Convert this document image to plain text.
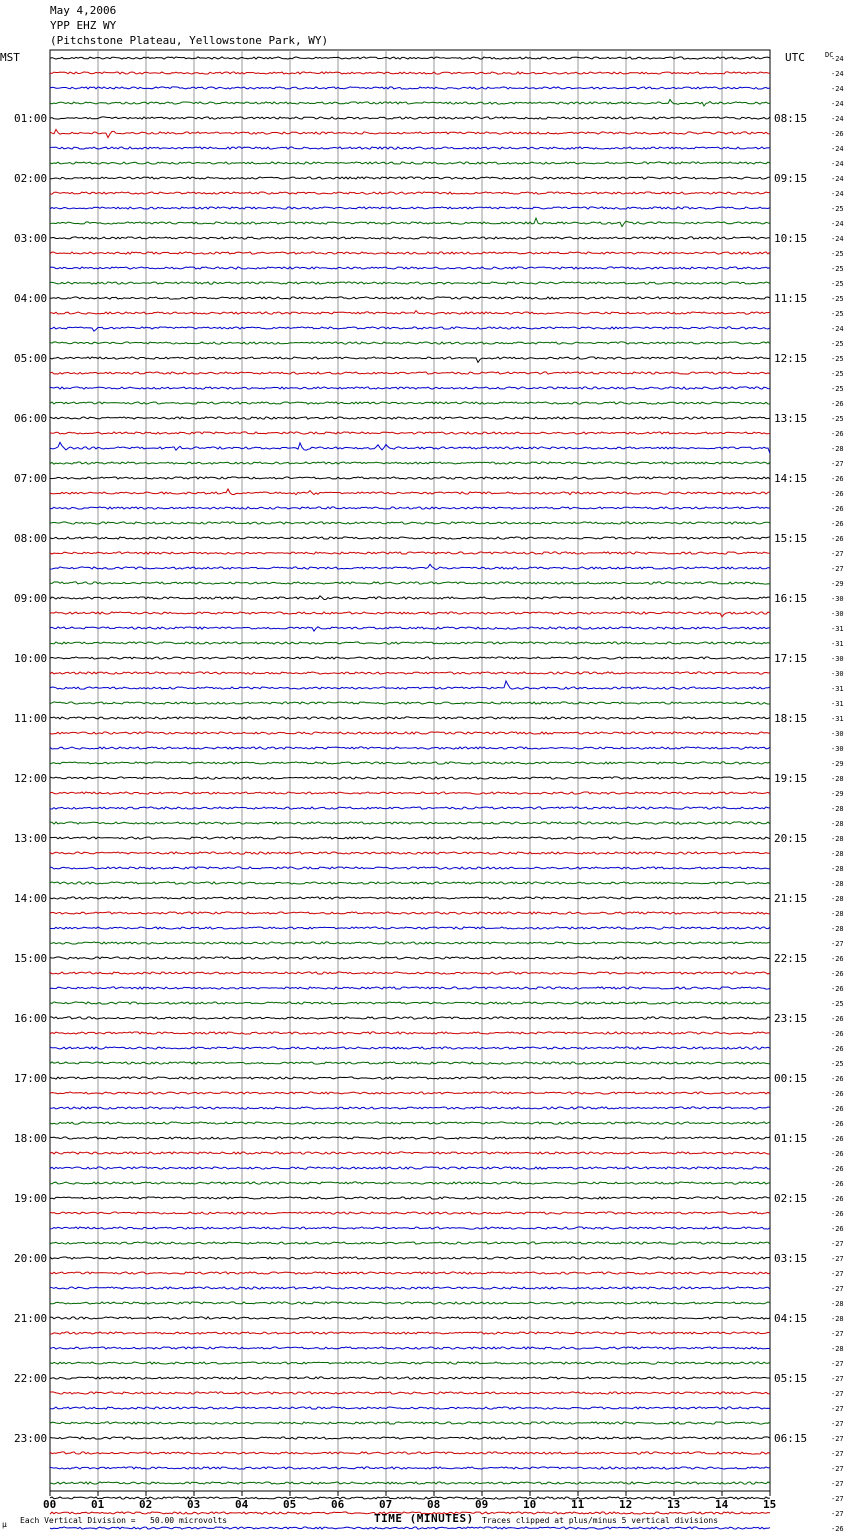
May 4,2006
YPP EHZ WY
(Pitchstone Plateau, Yellowstone Park, WY)
01:00
02:00
03:00
04:00
05:00
06:00
07:00
08:00
09:00
10:00
11:00
12:00
13:00
14:00
15:00
16:00
17:00
18:00
19:00
20:00
21:00
22:00
23:00
08:15
09:15
10:15
11:15
12:15
13:15
14:15
15:15
16:15
17:15
18:15
19:15
20:15
21:15
22:15
23:15
00:15
01:15
02:15
03:15
04:15
05:15
06:15
-24
-24
-24
-24
-24
-26
-24
-24
-24
-24
-25
-24
-24
-25
-25
-25
-25
-25
-24
-25
-25
-25
-25
-26
-25
-26
-28
-27
-26
-26
-26
-26
-26
-27
-27
-29
-30
-30
-31
-31
-30
-30
-31
-31
-31
-30
-30
-29
-28
-29
-28
-28
-28
-28
-28
-28
-28
-28
-28
-27
-26
-26
-26
-25
-26
-26
-26
-25
-26
-26
-26
-26
-26
-26
-26
-26
-26
-26
-26
-27
-27
-27
-27
-28
-28
-27
-28
-27
-27
-27
-27
-27
-27
-27
-27
-27
-27
-27
-26
00	01	02	03	04	05	06	07	08	09	10	11	12	13	14	15
MST	UTC	DC
μ Each Vertical Division =   50.00 microvolts	TIME (MINUTES) Traces clipped at plus/minus 5 vertical divisions
